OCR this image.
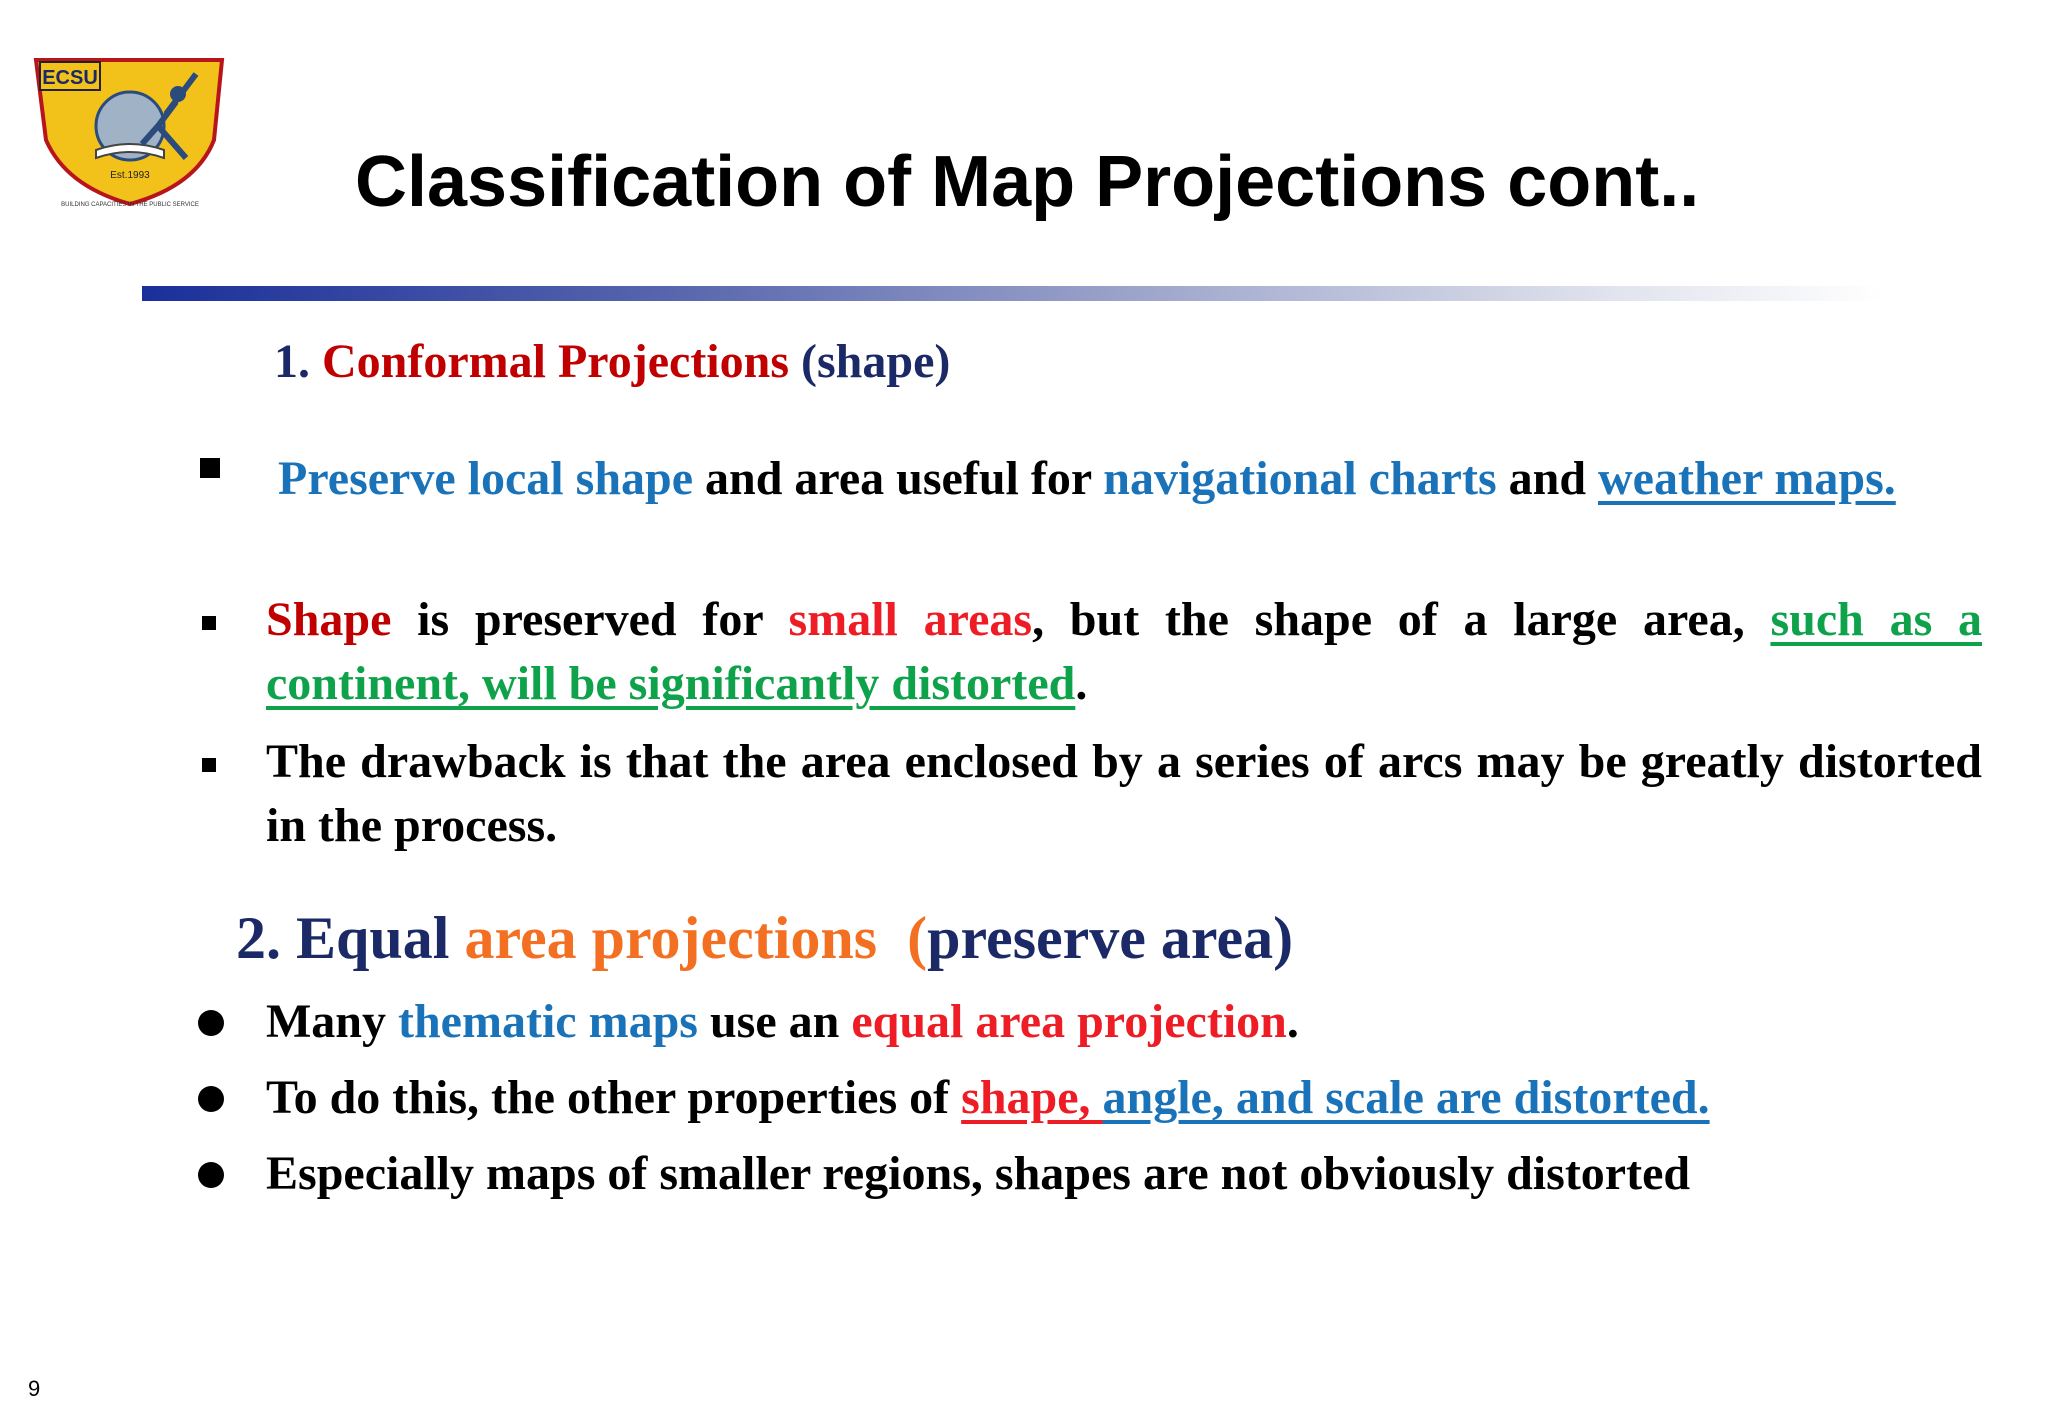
ECSU
Est.1993
BUILDING CAPACITIES IN THE PUBLIC SERVICE Classification of Map Projections cont..
1. Conformal Projections (shape)
Preserve local shape and area useful for navigational charts and weather maps.
Shape is preserved for small areas, but the shape of a large area, such as a continent, will be significantly distorted.
The drawback is that the area enclosed by a series of arcs may be greatly distorted in the process.
2. Equal area projections (preserve area)
Many thematic maps use an equal area projection.
To do this, the other properties of shape, angle, and scale are distorted.
Especially maps of smaller regions, shapes are not obviously distorted
9
